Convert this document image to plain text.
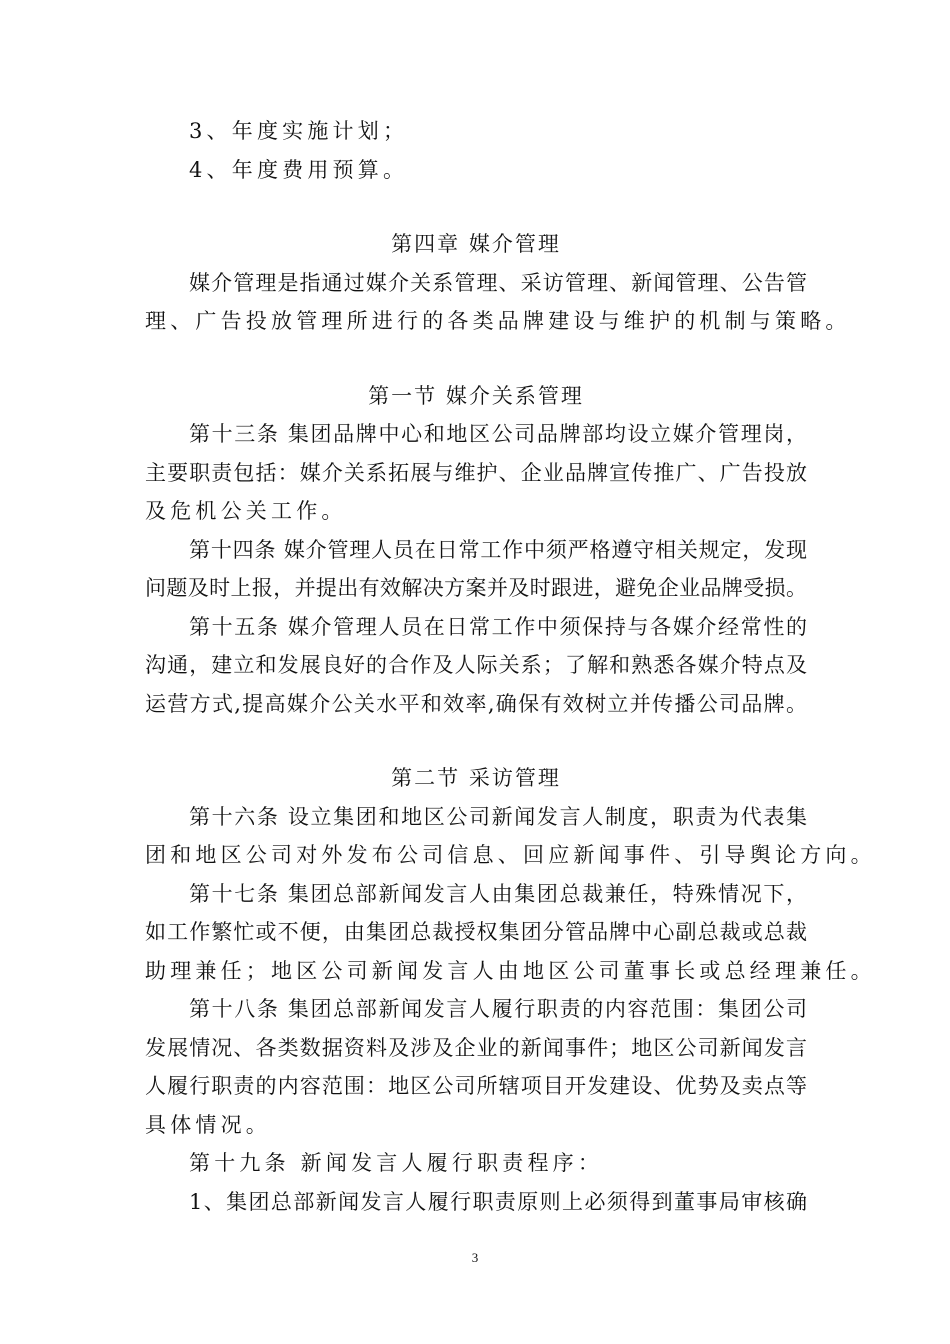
3、年度实施计划；
4、年度费用预算。
第四章 媒介管理
媒介管理是指通过媒介关系管理、采访管理、新闻管理、公告管
理、广告投放管理所进行的各类品牌建设与维护的机制与策略。
第一节 媒介关系管理
第十三条 集团品牌中心和地区公司品牌部均设立媒介管理岗，
主要职责包括：媒介关系拓展与维护、企业品牌宣传推广、广告投放
及危机公关工作。
第十四条 媒介管理人员在日常工作中须严格遵守相关规定，发现
问题及时上报，并提出有效解决方案并及时跟进，避免企业品牌受损。
第十五条 媒介管理人员在日常工作中须保持与各媒介经常性的
沟通，建立和发展良好的合作及人际关系；了解和熟悉各媒介特点及
运营方式,提高媒介公关水平和效率,确保有效树立并传播公司品牌。
第二节 采访管理
第十六条 设立集团和地区公司新闻发言人制度，职责为代表集
团和地区公司对外发布公司信息、回应新闻事件、引导舆论方向。
第十七条 集团总部新闻发言人由集团总裁兼任，特殊情况下，
如工作繁忙或不便，由集团总裁授权集团分管品牌中心副总裁或总裁
助理兼任；地区公司新闻发言人由地区公司董事长或总经理兼任。
第十八条 集团总部新闻发言人履行职责的内容范围：集团公司
发展情况、各类数据资料及涉及企业的新闻事件；地区公司新闻发言
人履行职责的内容范围：地区公司所辖项目开发建设、优势及卖点等
具体情况。
第十九条 新闻发言人履行职责程序：
1、集团总部新闻发言人履行职责原则上必须得到董事局审核确
3
